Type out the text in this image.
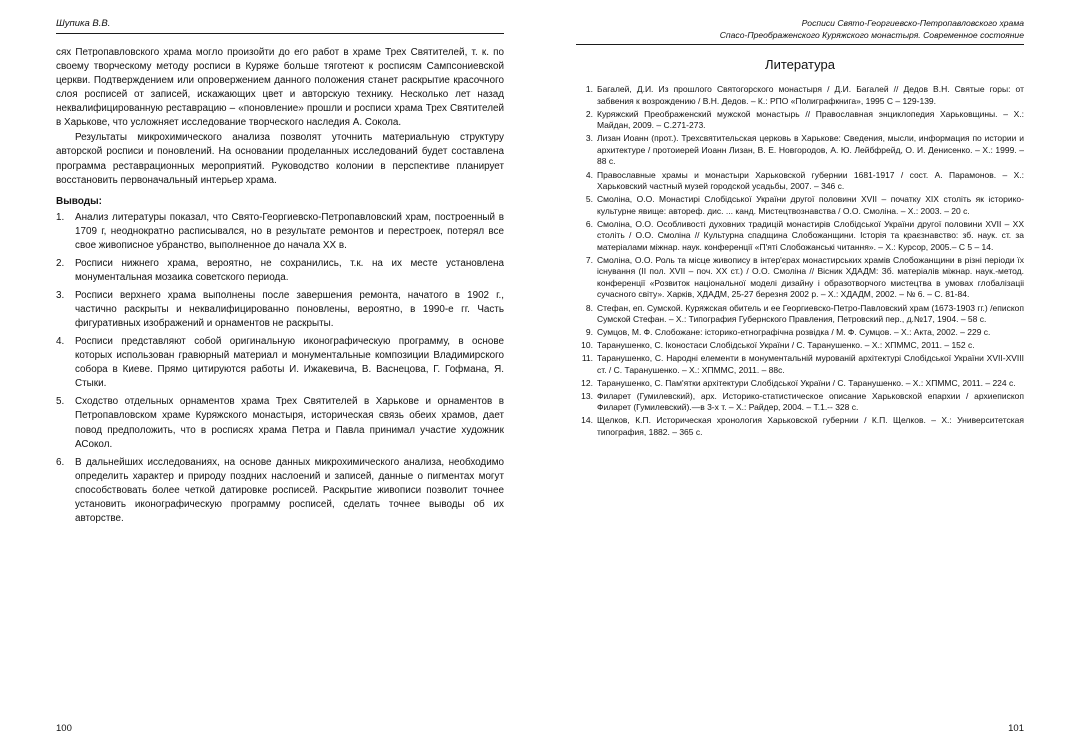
Шупика В.В.

сях Петропавловского храма могло произойти до его работ в храме Трех Святителей, т. к. по своему творческому методу росписи в Куряже больше тяготеют к росписям Сампсониевской церкви. Подтверждением или опровержением данного положения станет раскрытие красочного слоя росписей от записей, искажающих цвет и авторскую технику. Несколько лет назад неквалифицированную реставрацию – «поновление» прошли и росписи храма Трех Святителей в Харькове, что усложняет исследование творческого наследия А. Сокола.

Результаты микрохимического анализа позволят уточнить материальную структуру авторской росписи и поновлений. На основании проделанных исследований будет составлена программа реставрационных мероприятий. Руководство колонии в перспективе планирует восстановить первоначальный интерьер храма.

Выводы:
1.	Анализ литературы показал, что Свято-Георгиевско-Петропавловский храм, построенный в 1709 г, неоднократно расписывался, но в результате ремонтов и перестроек, потерял все свое живописное убранство, выполненное до начала ХХ в.
2.	Росписи нижнего храма, вероятно, не сохранились, т.к. на их месте установлена монументальная мозаика советского периода.
3.	Росписи верхнего храма выполнены после завершения ремонта, начатого в 1902 г., частично раскрыты и неквалифицированно поновлены, вероятно, в 1990-е гг. Часть фигуративных изображений и орнаментов не раскрыты.
4.	Росписи представляют собой оригинальную иконографическую программу, в основе которых использован гравюрный материал и монументальные композиции Владимирского собора в Киеве. Прямо цитируются работы И. Ижакевича, В. Васнецова, Г. Гофмана, Я. Стыки.
5.	Сходство отдельных орнаментов храма Трех Святителей в Харькове и орнаментов в Петропавловском храме Куряжского монастыря, историческая связь обеих храмов, дает повод предположить, что в росписях храма Петра и Павла принимал участие художник АСокол.
6.	В дальнейших исследованиях, на основе данных микрохимического анализа, необходимо определить характер и природу поздних наслоений и записей, данные о пигментах могут способствовать более четкой датировке росписей. Раскрытие живописи позволит точнее установить иконографическую программу росписей, сделать точнее выводы об их авторстве.
100
Росписи Свято-Георгиевско-Петропавловского храма
Спасо-Преображенского Куряжского монастыря. Современное состояние
Литература
1. Багалей, Д.И. Из прошлого Святогорского монастыря / Д.И. Багалей // Дедов В.Н. Святые горы: от забвения к возрождению / В.Н. Дедов. – К.: РПО «Полиграфкнига», 1995 С – 129-139.
2. Куряжский Преображенский мужской монастырь // Православная энциклопедия Харьковщины. – Х.: Майдан, 2009. – С.271-273.
3. Лизан Иоанн (прот.). Трехсвятительская церковь в Харькове: Сведения, мысли, информация по истории и архитектуре / протоиерей Иоанн Лизан, В. Е. Новгородов, А. Ю. Лейбфрейд, О. И. Денисенко. – Х.: 1999. – 88 с.
4. Православные храмы и монастыри Харьковской губернии 1681-1917 / сост. А. Парамонов. – Х.: Харьковский частный музей городской усадьбы, 2007. – 346 с.
5. Смоліна, О.О. Монастирі Слобідської України другої половини XVII – початку XIX століть як історико-культурне явище: автореф. дис. ... канд. Мистецтвознавства / О.О. Смоліна. – Х.: 2003. – 20 с.
6. Смоліна, О.О. Особливості духовних традицій монастирів Слобідської України другої половини XVII – XX століть / О.О. Смоліна // Культурна спадщина Слобожанщини. Історія та краєзнавство: зб. наук. ст. за матеріалами міжнар. наук. конференції «П'яті Слобожанські читання». – Х.: Курсор, 2005.– С 5 – 14.
7. Смоліна, О.О. Роль та місце живопису в інтер'єрах монастирських храмів Слобожанщини в різні періоди їх існування (II пол. XVII – поч. XX ст.) / О.О. Смоліна // Вісник ХДАДМ: Зб. матеріалів міжнар. наук.-метод. конференції «Розвиток національної моделі дизайну і образотворчого мистецтва в умовах глобалізаціі сучасного світу». Харків, ХДАДМ, 25-27 березня 2002 р. – Х.: ХДАДМ, 2002. – № 6. – С. 81-84.
8. Стефан, еп. Сумской. Куряжская обитель и ее Георгиевско-Петро-Павловский храм (1673-1903 гг.) /епископ Сумской Стефан. – Х.: Типография Губернского Правления, Петровский пер., д.№17, 1904. – 58 с.
9. Сумцов, М. Ф. Слобожане: історико-етнографічна розвідка / М. Ф. Сумцов. – Х.: Акта, 2002. – 229 с.
10. Таранушенко, С. Іконостаси Слобідської України / С. Таранушенко. – Х.: ХПММС, 2011. – 152 с.
11. Таранушенко, С. Народні елементи в монументальній мурованій архітектурі Слобідської України XVII-XVIII ст. / С. Таранушенко. – Х.: ХПММС, 2011. – 88с.
12. Таранушенко, С. Пам'ятки архітектури Слобідської України / С. Таранушенко. – Х.: ХПММС, 2011. – 224 с.
13. Филарет (Гумилевский), арх. Историко-статистическое описание Харьковской епархии / архиепископ Филарет (Гумилевский).—в 3-х т. – Х.: Райдер, 2004. – Т.1.-- 328 с.
14. Щелков, К.П. Историческая хронология Харьковской губернии / К.П. Щелков. – Х.: Университетская типография, 1882. – 365 с.
101
